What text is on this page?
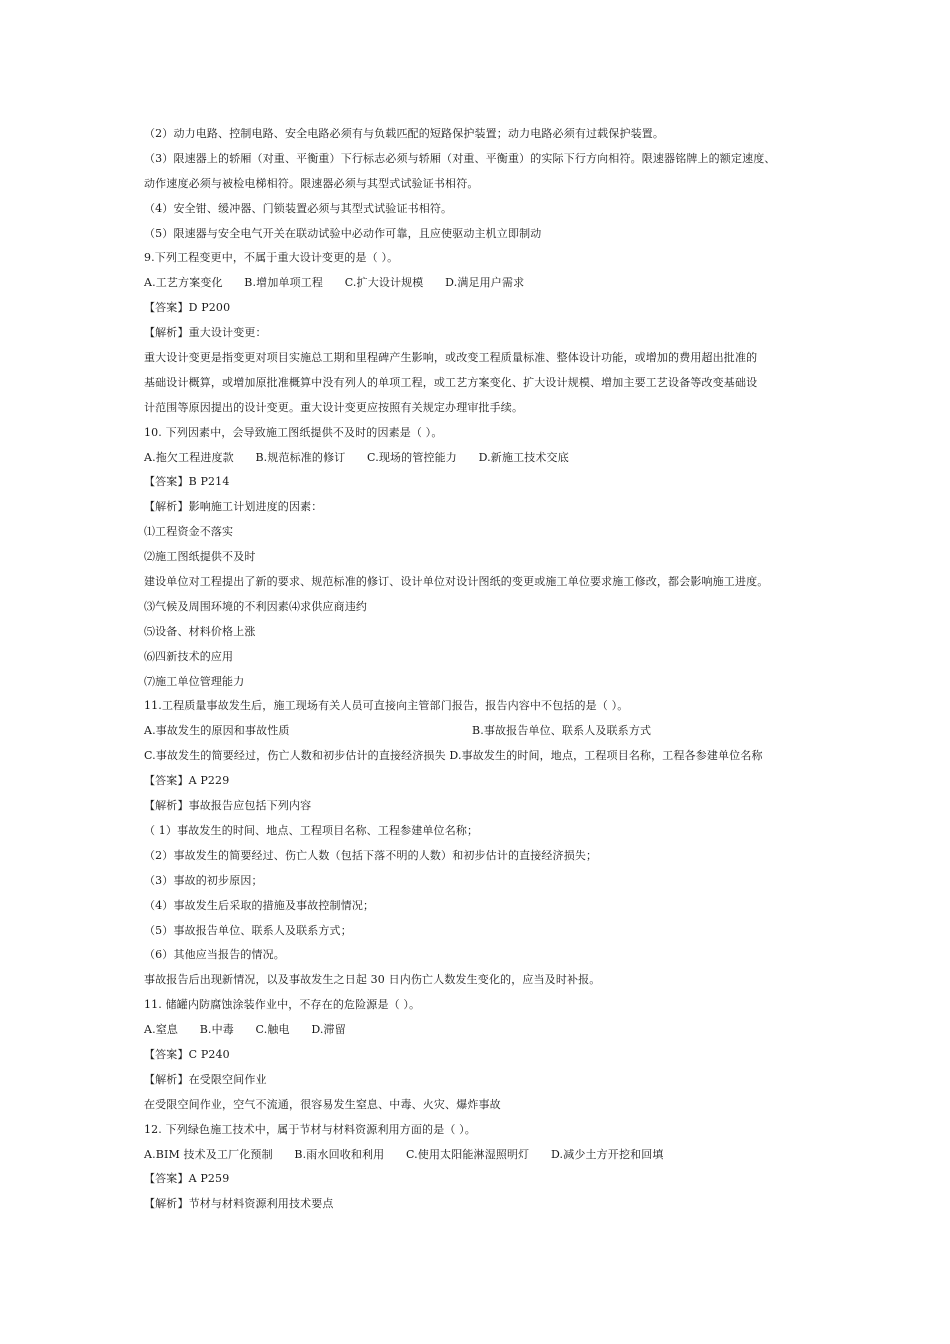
（2）动力电路、控制电路、安全电路必须有与负载匹配的短路保护装置；动力电路必须有过载保护装置。
（3）限速器上的轿厢（对重、平衡重）下行标志必须与轿厢（对重、平衡重）的实际下行方向相符。限速器铭牌上的额定速度、
动作速度必须与被检电梯相符。限速器必须与其型式试验证书相符。
（4）安全钳、缓冲器、门锁装置必须与其型式试验证书相符。
（5）限速器与安全电气开关在联动试验中必动作可靠，且应使驱动主机立即制动
9.下列工程变更中，不属于重大设计变更的是（ ）。
A.工艺方案变化 B.增加单项工程 C.扩大设计规模 D.满足用户需求
【答案】D P200
【解析】重大设计变更：
重大设计变更是指变更对项目实施总工期和里程碑产生影响，或改变工程质量标准、整体设计功能，或增加的费用超出批准的
基础设计概算，或增加原批准概算中没有列人的单项工程，或工艺方案变化、扩大设计规模、增加主要工艺设备等改变基础设
计范围等原因提出的设计变更。重大设计变更应按照有关规定办理审批手续。
10. 下列因素中，会导致施工图纸提供不及时的因素是（ ）。
A.拖欠工程进度款 B.规范标准的修订 C.现场的管控能力 D.新施工技术交底
【答案】B P214
【解析】影响施工计划进度的因素：
⑴工程资金不落实
⑵施工图纸提供不及时
建设单位对工程提出了新的要求、规范标准的修订、设计单位对设计图纸的变更或施工单位要求施工修改，都会影响施工进度。
⑶气候及周围环境的不利因素⑷求供应商违约
⑸设备、材料价格上涨
⑹四新技术的应用
⑺施工单位管理能力
11.工程质量事故发生后，施工现场有关人员可直接向主管部门报告，报告内容中不包括的是（ ）。
A.事故发生的原因和事故性质	B.事故报告单位、联系人及联系方式
C.事故发生的简要经过，伤亡人数和初步估计的直接经济损失 D.事故发生的时间，地点，工程项目名称，工程各参建单位名称
【答案】A P229
【解析】事故报告应包括下列内容
（ 1）事故发生的时间、地点、工程项目名称、工程参建单位名称；
（2）事故发生的简要经过、伤亡人数（包括下落不明的人数）和初步估计的直接经济损失；
（3）事故的初步原因；
（4）事故发生后采取的措施及事故控制情况；
（5）事故报告单位、联系人及联系方式；
（6）其他应当报告的情况。
事故报告后出现新情况，以及事故发生之日起 30 日内伤亡人数发生变化的，应当及时补报。
11. 储罐内防腐蚀涂装作业中，不存在的危险源是（ ）。
A.窒息 B.中毒 C.触电 D.滞留
【答案】C P240
【解析】在受限空间作业
在受限空间作业，空气不流通，很容易发生窒息、中毒、火灾、爆炸事故
12. 下列绿色施工技术中，属于节材与材料资源利用方面的是（ ）。
A.BIM 技术及工厂化预制 B.雨水回收和利用 C.使用太阳能淋湿照明灯 D.减少土方开挖和回填
【答案】A P259
【解析】节材与材料资源利用技术要点
